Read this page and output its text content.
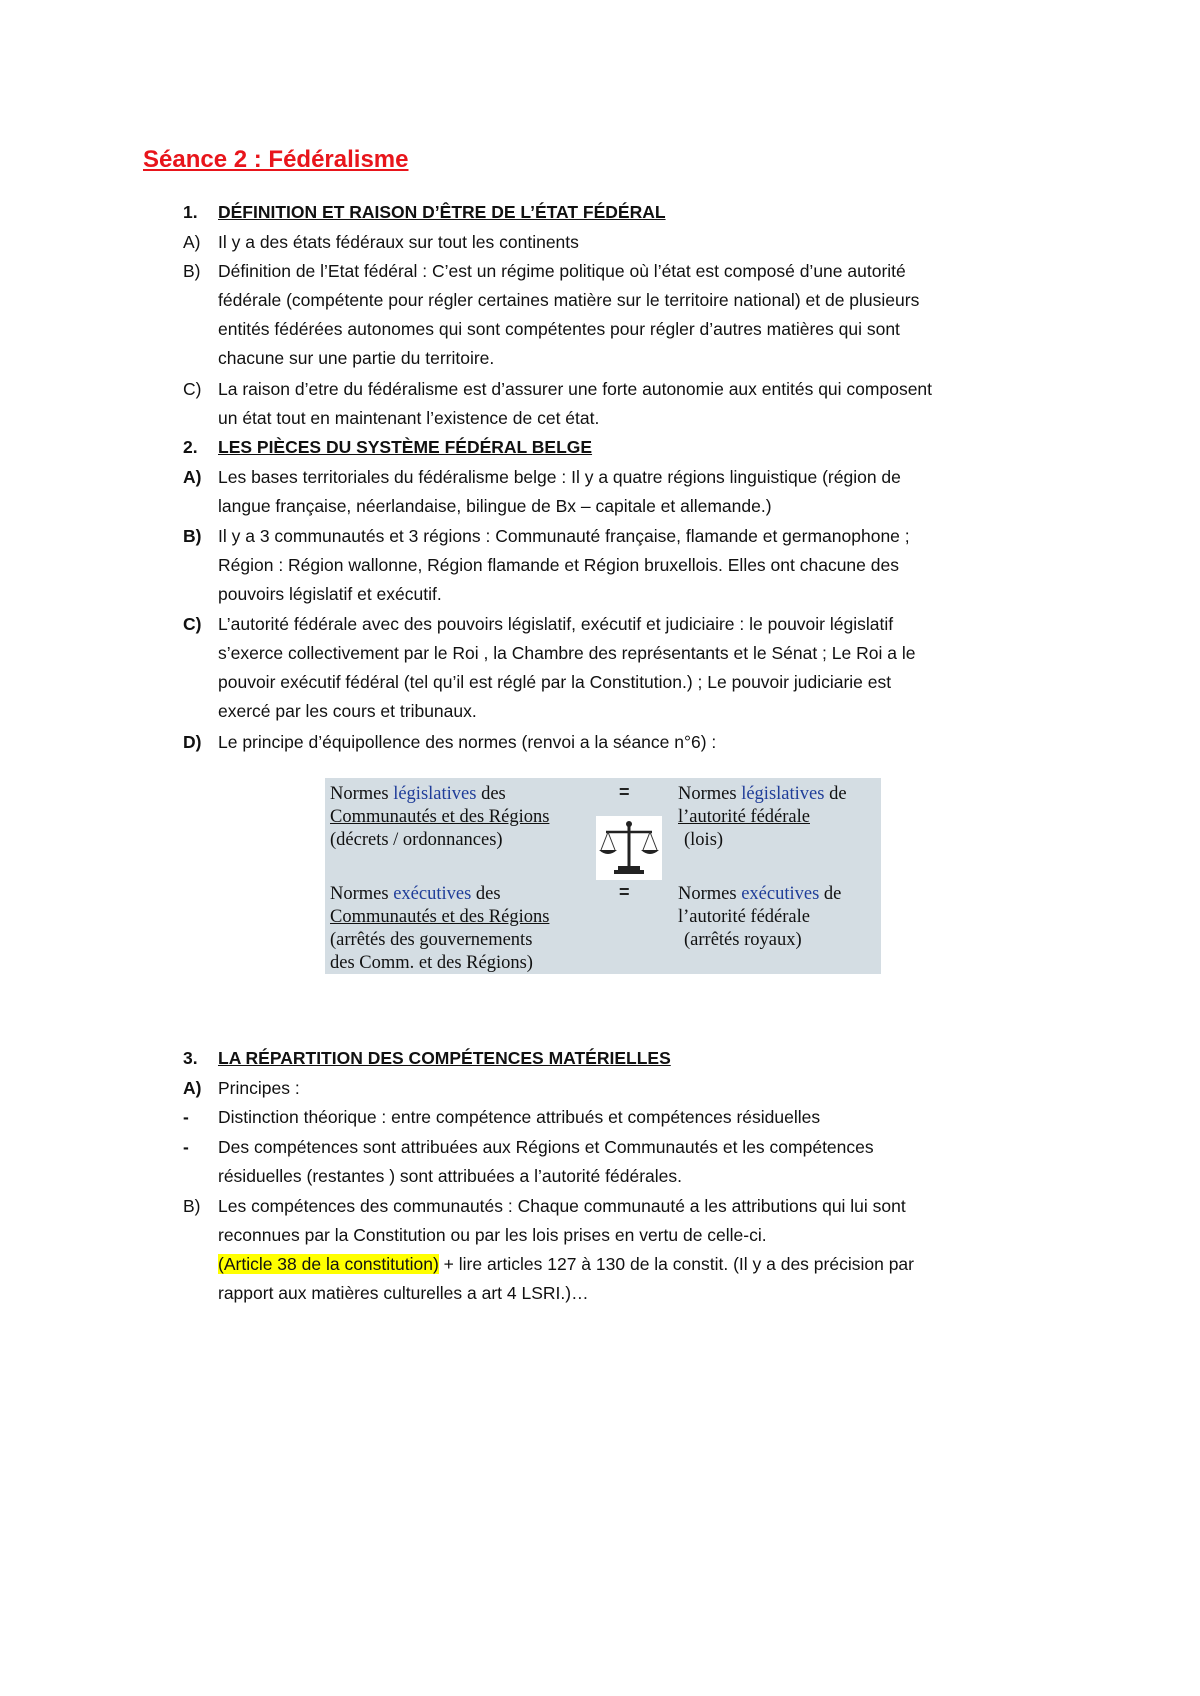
Séance 2 : Fédéralisme
1. DÉFINITION ET RAISON D’ÊTRE DE L’ÉTAT FÉDÉRAL
A) Il y a des états fédéraux sur tout les continents
B) Définition de l’Etat fédéral : C’est un régime politique où l’état est composé d’une autorité
fédérale (compétente pour régler certaines matière sur le territoire national) et de plusieurs
entités fédérées autonomes qui sont compétentes pour régler d’autres matières qui sont
chacune sur une partie du territoire.
C) La raison d’etre du fédéralisme est d’assurer une forte autonomie aux entités qui composent
un état tout en maintenant l’existence de cet état.
2. LES PIÈCES DU SYSTÈME FÉDÉRAL BELGE
A) Les bases territoriales du fédéralisme belge : Il y a quatre régions linguistique (région de
langue française, néerlandaise, bilingue de Bx – capitale et allemande.)
B) Il y a 3 communautés et 3 régions : Communauté française, flamande et germanophone ;
Région : Région wallonne, Région flamande et Région bruxellois. Elles ont chacune des
pouvoirs législatif et exécutif.
C) L’autorité fédérale avec des pouvoirs législatif, exécutif et judiciaire : le pouvoir législatif
s’exerce collectivement par le Roi , la Chambre des représentants et le Sénat ; Le Roi a le
pouvoir exécutif fédéral (tel qu’il est réglé par la Constitution.) ; Le pouvoir judiciarie est
exercé par les cours et tribunaux.
D) Le principe d’équipollence des normes (renvoi a la séance n°6) :
Normes législatives des
Communautés et des Régions
(décrets / ordonnances)
=	Normes législatives de
l’autorité fédérale
(lois)
Normes exécutives des
Communautés et des Régions
(arrêtés des gouvernements
des Comm. et des Régions)
=	Normes exécutives de
l’autorité fédérale
(arrêtés royaux)
3. LA RÉPARTITION DES COMPÉTENCES MATÉRIELLES
A) Principes :
- Distinction théorique : entre compétence attribués et compétences résiduelles
- Des compétences sont attribuées aux Régions et Communautés et les compétences
résiduelles (restantes ) sont attribuées a l’autorité fédérales.
B) Les compétences des communautés : Chaque communauté a les attributions qui lui sont
reconnues par la Constitution ou par les lois prises en vertu de celle-ci.
(Article 38 de la constitution) + lire articles 127 à 130 de la constit. (Il y a des précision par
rapport aux matières culturelles a art 4 LSRI.)…
